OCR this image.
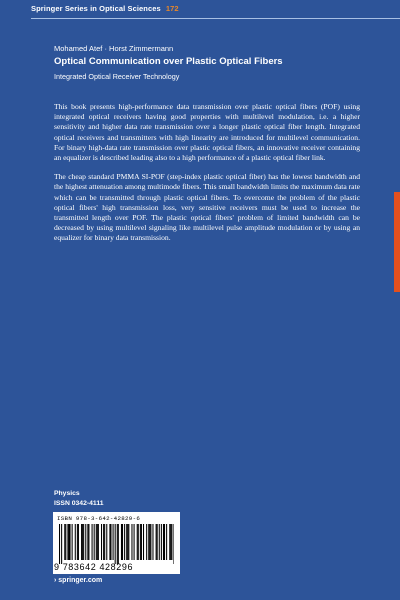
Springer Series in Optical Sciences 172
Mohamed Atef · Horst Zimmermann
Optical Communication over Plastic Optical Fibers
Integrated Optical Receiver Technology

This book presents high-performance data transmission over plastic optical fibers (POF) using integrated optical receivers having good properties with multilevel modulation, i.e. a higher sensitivity and higher data rate transmission over a longer plastic optical fiber length. Integrated optical receivers and transmitters with high linearity are introduced for multilevel communication. For binary high-data rate transmission over plastic optical fibers, an innovative receiver containing an equalizer is described leading also to a high performance of a plastic optical fiber link.

The cheap standard PMMA SI-POF (step-index plastic optical fiber) has the lowest bandwidth and the highest attenuation among multimode fibers. This small bandwidth limits the maximum data rate which can be transmitted through plastic optical fibers. To overcome the problem of the plastic optical fibers' high transmission loss, very sensitive receivers must be used to increase the transmitted length over POF. The plastic optical fibers' problem of limited bandwidth can be decreased by using multilevel signaling like multilevel pulse amplitude modulation or by using an equalizer for binary data transmission.

Physics
ISSN 0342-4111
ISBN 978-3-642-42829-6
9 783642 428296
› springer.com
